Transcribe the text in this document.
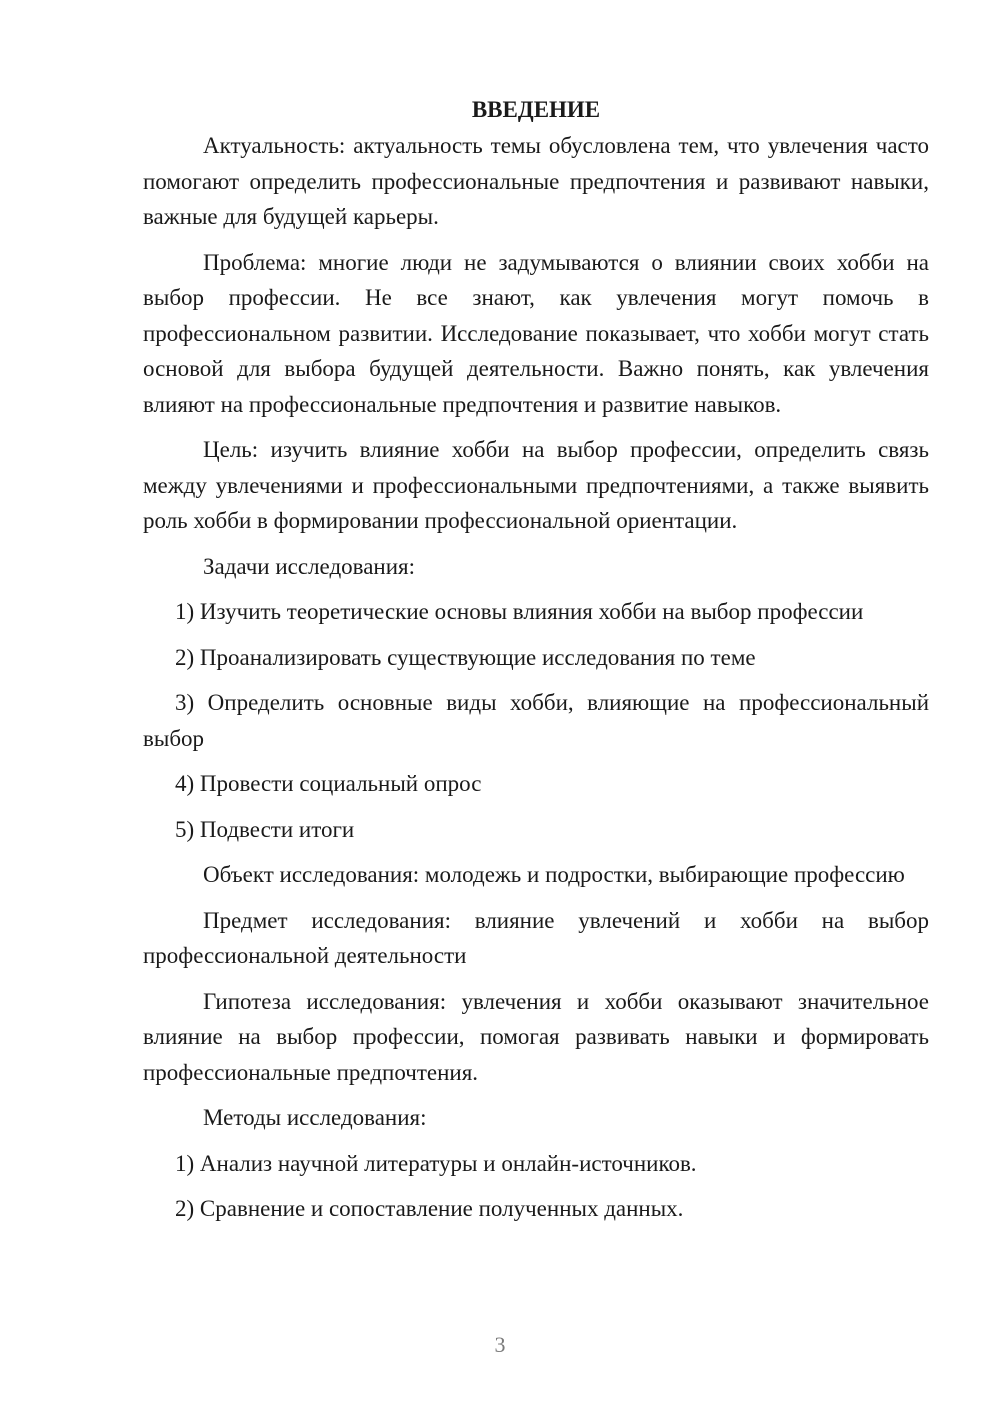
ВВЕДЕНИЕ

Актуальность: актуальность темы обусловлена тем, что увлечения часто помогают определить профессиональные предпочтения и развивают навыки, важные для будущей карьеры.

Проблема: многие люди не задумываются о влиянии своих хобби на выбор профессии. Не все знают, как увлечения могут помочь в профессиональном развитии. Исследование показывает, что хобби могут стать основой для выбора будущей деятельности. Важно понять, как увлечения влияют на профессиональные предпочтения и развитие навыков.

Цель: изучить влияние хобби на выбор профессии, определить связь между увлечениями и профессиональными предпочтениями, а также выявить роль хобби в формировании профессиональной ориентации.

Задачи исследования:

1) Изучить теоретические основы влияния хобби на выбор профессии

2) Проанализировать существующие исследования по теме

3) Определить основные виды хобби, влияющие на профессиональный выбор

4) Провести социальный опрос

5) Подвести итоги

Объект исследования: молодежь и подростки, выбирающие профессию

Предмет исследования: влияние увлечений и хобби на выбор профессиональной деятельности

Гипотеза исследования: увлечения и хобби оказывают значительное влияние на выбор профессии, помогая развивать навыки и формировать профессиональные предпочтения.

Методы исследования:

1) Анализ научной литературы и онлайн-источников.

2) Сравнение и сопоставление полученных данных.

3
